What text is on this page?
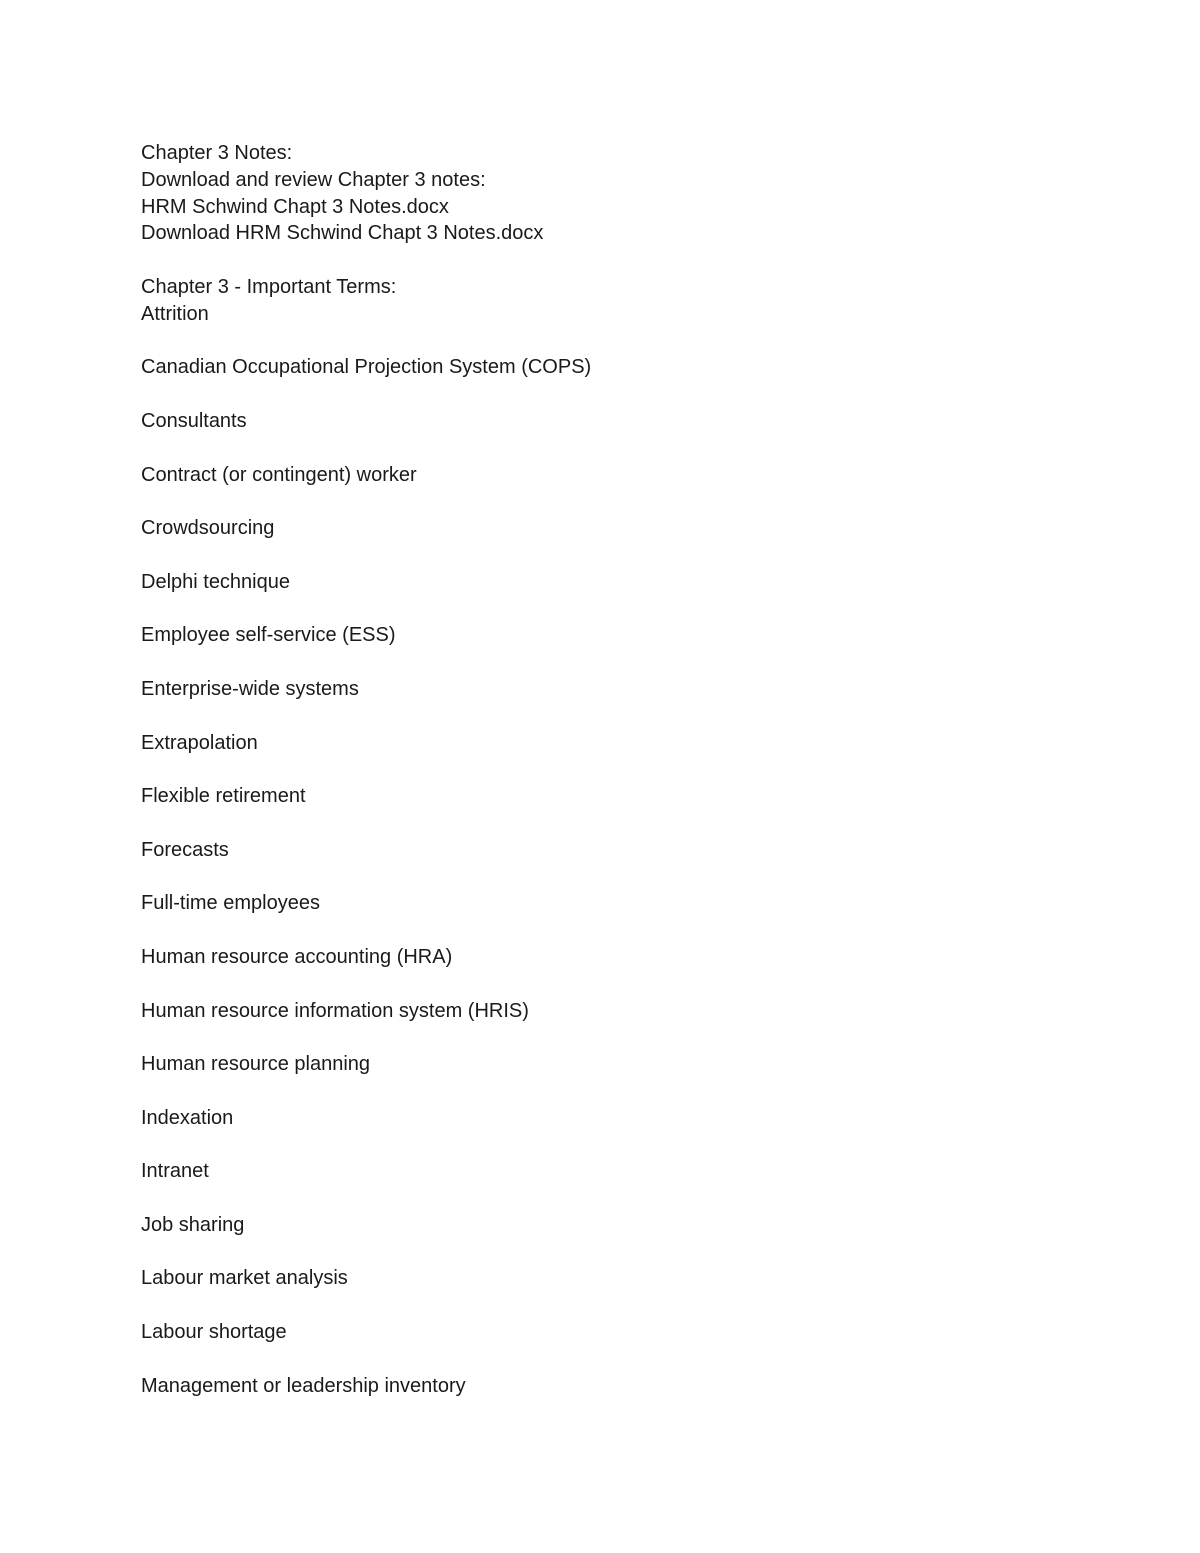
Chapter 3 Notes:
Download and review Chapter 3 notes:
HRM Schwind Chapt 3 Notes.docx
Download HRM Schwind Chapt 3 Notes.docx
Chapter 3 - Important Terms:
Attrition
Canadian Occupational Projection System (COPS)
Consultants
Contract (or contingent) worker
Crowdsourcing
Delphi technique
Employee self-service (ESS)
Enterprise-wide systems
Extrapolation
Flexible retirement
Forecasts
Full-time employees
Human resource accounting (HRA)
Human resource information system (HRIS)
Human resource planning
Indexation
Intranet
Job sharing
Labour market analysis
Labour shortage
Management or leadership inventory
